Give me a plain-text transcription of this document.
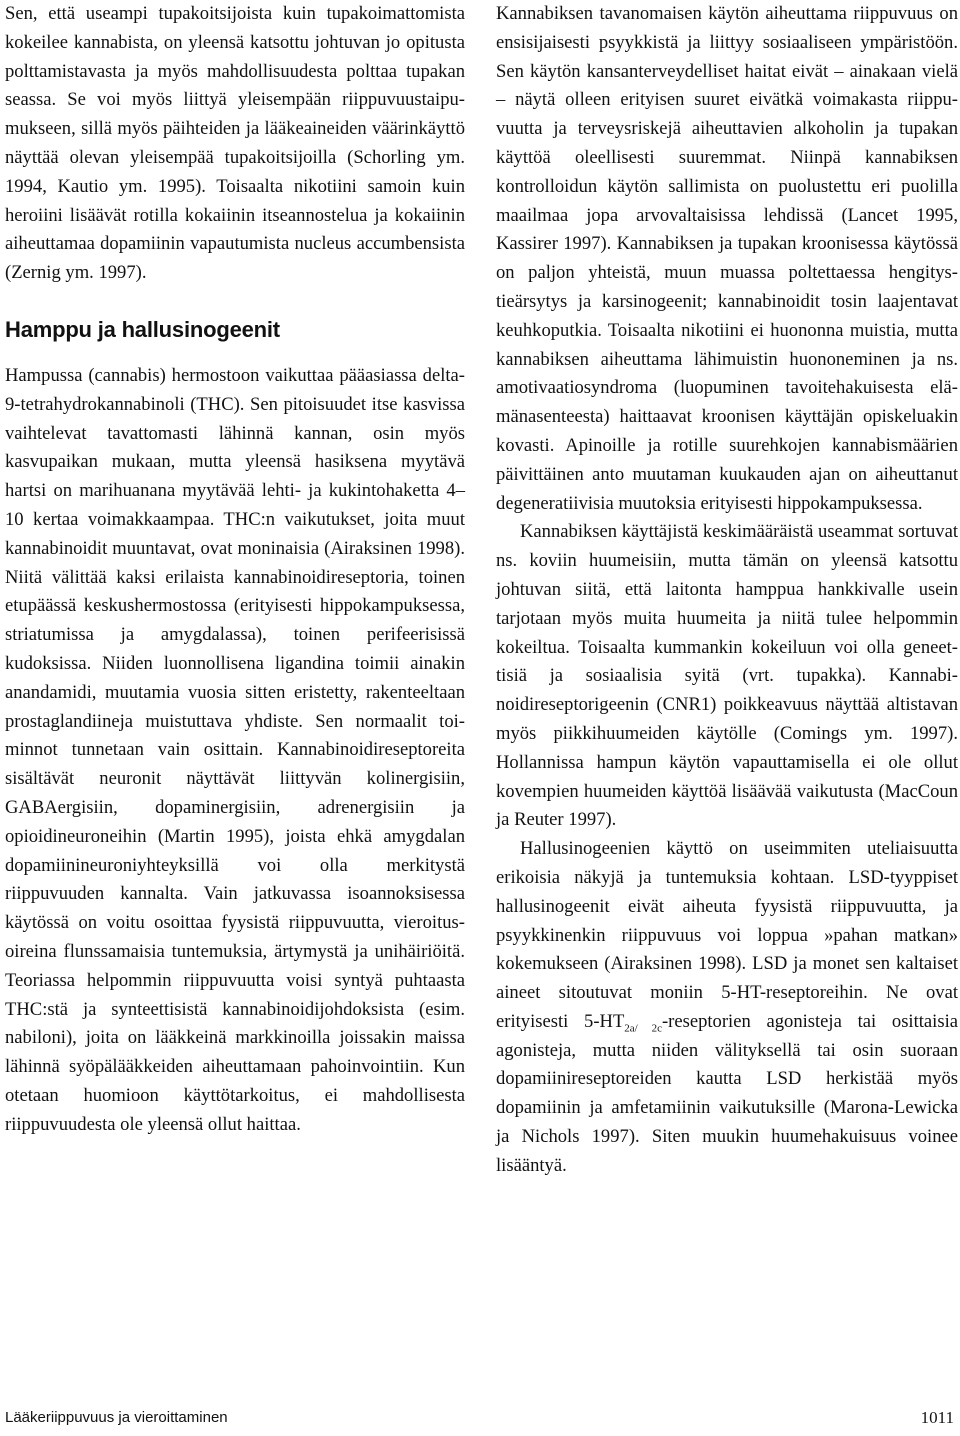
Sen, että useampi tupakoitsijoista kuin tupakoimattomista kokeilee kannabista, on yleensä katsottu johtuvan jo opitusta polttamistavasta ja myös mahdollisuudesta polttaa tupakan seassa. Se voi myös liittyä yleisempään riippuvuustaipumukseen, sillä myös päihteiden ja lääkeaineiden väärinkäyttö näyttää olevan yleisempää tupakoitsijoilla (Schorling ym. 1994, Kautio ym. 1995). Toisaalta nikotiini samoin kuin heroiini lisäävät rotilla kokaiinin itseannostelua ja kokaiinin aiheuttamaa dopamiinin vapautumista nucleus accumbensista (Zernig ym. 1997).

Hamppu ja hallusinogeenit

Hampussa (cannabis) hermostoon vaikuttaa pääasiassa delta-9-tetrahydrokannabinoli (THC). Sen pitoisuudet itse kasvissa vaihtelevat tavattomasti lähinnä kannan, osin myös kasvupaikan mukaan, mutta yleensä hasiksena myytävä hartsi on marihuanana myytävää lehti- ja kukintohaketta 4–10 kertaa voimakkaampaa. THC:n vaikutukset, joita muut kannabinoidit muuntavat, ovat moninaisia (Airaksinen 1998). Niitä välittää kaksi erilaista kannabinoidireseptoria, toinen etupäässä keskushermostossa (erityisesti hippokampuksessa, striatumissa ja amygdalassa), toinen perifeerisissä kudoksissa. Niiden luonnollisena ligandina toimii ainakin anandamidi, muutamia vuosia sitten eristetty, rakenteeltaan prostaglandiineja muistuttava yhdiste. Sen normaalit toiminnot tunnetaan vain osittain. Kannabinoidireseptoreita sisältävät neuronit näyttävät liittyvän kolinergisiin, GABAergisiin, dopaminergisiin, adrenergisiin ja opioidineuroneihin (Martin 1995), joista ehkä amygdalan dopamiinineuroniyhteyksillä voi olla merkitystä riippuvuuden kannalta. Vain jatkuvassa isoannoksisessa käytössä on voitu osoittaa fyysistä riippuvuutta, vieroitusoireina flunssamaisia tuntemuksia, ärtymystä ja unihäiriöitä. Teoriassa helpommin riippuvuutta voisi syntyä puhtaasta THC:stä ja synteettisistä kannabinoidijohdoksista (esim. nabiloni), joita on lääkkeinä markkinoilla joissakin maissa lähinnä syöpälääkkeiden aiheuttamaan pahoinvointiin. Kun otetaan huomioon käyttötarkoitus, ei mahdollisesta riippuvuudesta ole yleensä ollut haittaa.

Kannabiksen tavanomaisen käytön aiheuttama riippuvuus on ensisijaisesti psyykkistä ja liittyy sosiaaliseen ympäristöön. Sen käytön kansanterveydelliset haitat eivät – ainakaan vielä – näytä olleen erityisen suuret eivätkä voimakasta riippuvuutta ja terveysriskejä aiheuttavien alkoholin ja tupakan käyttöä oleellisesti suuremmat. Niinpä kannabiksen kontrolloidun käytön sallimista on puolustettu eri puolilla maailmaa jopa arvovaltaisissa lehdissä (Lancet 1995, Kassirer 1997). Kannabiksen ja tupakan kroonisessa käytössä on paljon yhteistä, muun muassa poltettaessa hengitystieärsytys ja karsinogeenit; kannabinoidit tosin laajentavat keuhkoputkia. Toisaalta nikotiini ei huononna muistia, mutta kannabiksen aiheuttama lähimuistin huononeminen ja ns. amotivaatiosyndroma (luopuminen tavoitehakuisesta elämänasenteesta) haittaavat kroonisen käyttäjän opiskeluakin kovasti. Apinoille ja rotille suurehkojen kannabismäärien päivittäinen anto muutaman kuukauden ajan on aiheuttanut degeneratiivisia muutoksia erityisesti hippokampuksessa.

Kannabiksen käyttäjistä keskimääräistä useammat sortuvat ns. koviin huumeisiin, mutta tämän on yleensä katsottu johtuvan siitä, että laitonta hamppua hankkivalle usein tarjotaan myös muita huumeita ja niitä tulee helpommin kokeiltua. Toisaalta kummankin kokeiluun voi olla geneettisiä ja sosiaalisia syitä (vrt. tupakka). Kannabinoidireseptorigeenin (CNR1) poikkeavuus näyttää altistavan myös piikkihuumeiden käytölle (Comings ym. 1997). Hollannissa hampun käytön vapauttamisella ei ole ollut kovempien huumeiden käyttöä lisäävää vaikutusta (MacCoun ja Reuter 1997).

Hallusinogeenien käyttö on useimmiten uteliaisuutta erikoisia näkyjä ja tuntemuksia kohtaan. LSD-tyyppiset hallusinogeenit eivät aiheuta fyysistä riippuvuutta, ja psyykkinenkin riippuvuus voi loppua »pahan matkan» kokemukseen (Airaksinen 1998). LSD ja monet sen kaltaiset aineet sitoutuvat moniin 5-HT-reseptoreihin. Ne ovat erityisesti $5-HT_{2a/ 2c}$-reseptorien agonisteja tai osittaisia agonisteja, mutta niiden välityksellä tai osin suoraan dopamiinireseptoreiden kautta LSD herkistää myös dopamiinin ja amfetamiinin vaikutuksille (Marona-Lewicka ja Nichols 1997). Siten muukin huumehakuisuus voinee lisääntyä.

Lääkeriippuvuus ja vieroittaminen	1011
